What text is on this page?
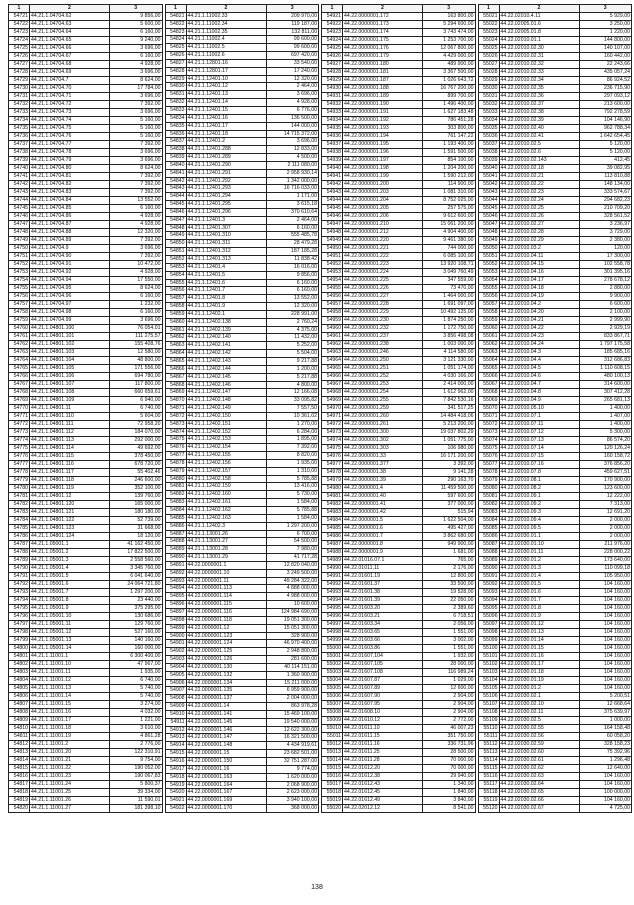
1	2	3
54721	44.21.1.04704.62	9 856,00
54722	44.21.1.04704.63	5 600,00
54723	44.21.1.04704.64	6 160,00
54724	44.21.1.04704.65	9 240,00
54725	44.21.1.04704.66	3 696,00
54726	44.21.1.04704.67	6 160,00
54727	44.21.1.04704.68	4 928,00
54728	44.21.1.04704.69	3 696,00
54729	44.21.1.04704.7	8 624,00
54730	44.21.1.04704.70	17 784,00
54731	44.21.1.04704.71	3 696,00
54732	44.21.1.04704.72	7 392,00
54733	44.21.1.04704.73	3 696,00
54734	44.21.1.04704.74	5 160,00
54735	44.21.1.04704.75	5 160,00
54736	44.21.1.04704.76	5 160,00
54737	44.21.1.04704.77	7 392,00
54738	44.21.1.04704.78	3 696,00
54739	44.21.1.04704.79	3 696,00
54740	44.21.1.04704.80	8 624,00
54741	44.21.1.04704.81	7 392,00
54742	44.21.1.04704.82	7 392,00
54743	44.21.1.04704.83	7 392,00
54744	44.21.1.04704.84	13 552,00
54745	44.21.1.04704.85	6 160,00
54746	44.21.1.04704.86	4 928,00
54747	44.21.1.04704.87	4 928,00
54748	44.21.1.04704.88	12 320,00
54749	44.21.1.04704.89	7 392,00
54750	44.21.1.04704.9	3 696,00
54751	44.21.1.04704.90	7 392,00
54752	44.21.1.04704.91	10 472,00
54753	44.21.1.04704.92	4 928,00
54754	44.21.1.04704.94	17 550,00
54755	44.21.1.04704.95	8 624,00
54756	44.21.1.04704.96	6 160,00
54757	44.21.1.04704.97	1 232,00
54758	44.21.1.04704.98	6 160,00
54759	44.21.1.04704.99	3 696,00
54760	44.21.1.04801.100	76 054,01
54761	44.21.1.04801.101	111 275,57
54762	44.21.1.04801.102	155 408,76
54763	44.21.1.04801.103	12 580,00
54764	44.21.1.04801.104	48 800,00
54765	44.21.1.04801.105	171 556,00
54766	44.21.1.04801.106	694 780,00
54767	44.21.1.04801.107	117 800,00
54768	44.21.1.04801.108	660 659,61
54769	44.21.1.04801.109	6 940,00
54770	44.21.1.04801.11	6 740,00
54771	44.21.1.04801.110	5 604,00
54772	44.21.1.04801.111	72 958,20
54773	44.21.1.04801.112	184 070,00
54774	44.21.1.04801.113	292 000,00
54775	44.21.1.04801.114	49 692,00
54776	44.21.1.04801.115	378 450,00
54777	44.21.1.04801.116	678 720,00
54778	44.21.1.04801.117	55 402,46
54779	44.21.1.04801.118	246 600,00
54780	44.21.1.04801.119	352 100,00
54781	44.21.1.04801.12	139 760,00
54782	44.21.1.04801.120	165 000,00
54783	44.21.1.04801.121	180 180,00
54784	44.21.1.04801.122	52 739,00
54785	44.21.1.04801.123	31 668,00
54786	44.21.1.04801.124	18 120,00
54787	44.21.1.05001.1	41 162 450,00
54788	44.21.1.05001.2	17 822 500,00
54789	44.21.1.05001.3	2 558 560,00
54790	44.21.1.05001.4	3 345 760,00
54791	44.21.1.05001.5	6 041 640,00
54792	44.21.1.05001.6	24 064 721,80
54793	44.21.1.05001.7	1 297 200,00
54794	44.21.1.05001.8	23 440,00
54795	44.21.1.05001.9	375 295,00
54796	44.21.1.05001.10	130 686,00
54797	44.21.1.05001.11	129 760,00
54798	44.21.1.05001.12	527 160,00
54799	44.21.1.05001.13	140 160,00
54800	44.21.1.05001.14	160 000,00
54801	44.21.1.11001.1	6 300 400,00
54802	44.21.1.11001.10	47 967,00
54803	44.21.1.11001.11	1 935,00
54804	44.21.1.11001.12	6 740,00
54805	44.21.1.11001.13	5 740,00
54806	44.21.1.11001.14	5 740,00
54807	44.21.1.11001.15	3 274,00
54808	44.21.1.11001.16	4 032,00
54809	44.21.1.11001.17	1 221,00
54810	44.21.1.11001.18	3 610,00
54811	44.21.1.11001.19	4 861,28
54812	44.21.1.11001.2	2 776,00
54813	44.21.1.11001.20	122 310,91
54814	44.21.1.11001.21	9 754,00
54815	44.21.1.11001.22	190 052,00
54816	44.21.1.11001.23	190 067,83
54817	44.21.1.11001.24	5 800,37
54818	44.21.1.11001.25	39 334,00
54819	44.21.1.11001.26	11 590,01
54820	44.21.1.11001.27	181 398,10
1	2	3
54821	44.21.1.11002.33	209 970,00
54822	44.21.1.11002.34	119 187,00
54823	44.21.1.11002.35	132 811,00
54824	44.21.1.11002.4	99 600,00
54825	44.21.1.11002.5	99 600,00
54826	44.21.1.11002.6	697 420,00
54827	44.21.1.12801.16	33 540,00
54828	44.21.1.12801.17	17 240,00
54829	44.21.1.12401.10	12 320,00
54830	44.21.1.12401.12	2 464,00
54831	44.21.1.12401.13	3 696,00
54832	44.21.1.12401.14	4 928,00
54833	44.21.1.12401.15	6 776,00
54834	44.21.1.12401.16	136 500,00
54835	44.21.1.12401.17	144 000,00
54836	44.21.1.12401.18	14 715 372,00
54837	44.21.1.12401.2	3 696,00
54838	44.21.1.12401.288	12 833,00
54839	44.21.1.12401.289	4 500,00
54840	44.21.1.12401.290	2 111 080,00
54841	44.21.1.12401.291	2 958 930,14
54842	44.21.1.12401.292	1 342 000,00
54843	44.21.1.12401.293	16 716 033,00
54844	44.21.1.12401.294	1 171,00
54845	44.21.1.12401.295	3 615,18
54846	44.21.1.12401.296	370 610,64
54847	44.21.1.12401.3	2 464,00
54848	44.21.1.12401.307	6 160,00
54849	44.21.1.12401.310	555 485,78
54850	44.21.1.12401.311	28 479,28
54851	44.21.1.12401.312	187 185,28
54852	44.21.1.12401.313	11 838,42
54853	44.21.1.12401.4	16 016,00
54854	44.21.1.12401.5	9 856,00
54855	44.21.1.12401.6	6 160,00
54856	44.21.1.12401.7	6 160,00
54857	44.21.1.12401.8	13 552,00
54858	44.21.1.12401.9	12 320,00
54859	44.21.1.12402.1	228 991,00
54860	44.21.1.12402.138	2 760,24
54861	44.21.1.12402.139	4 375,00
54862	44.21.1.12402.140	11 432,00
54863	44.21.1.12402.141	5 252,00
54864	44.21.1.12402.142	5 504,00
54865	44.21.1.12402.143	9 217,88
54866	44.21.1.12402.144	1 200,00
54867	44.21.1.12402.145	5 217,88
54868	44.21.1.12402.146	4 800,00
54869	44.21.1.12402.147	12 166,08
54870	44.21.1.12402.148	33 095,82
54871	44.21.1.12402.149	7 557,50
54872	44.21.1.12402.150	10 361,02
54873	44.21.1.12402.151	1 270,00
54874	44.21.1.12402.152	6 284,00
54875	44.21.1.12402.153	1 895,00
54876	44.21.1.12402.154	7 392,00
54877	44.21.1.12402.155	8 820,00
54878	44.21.1.12402.156	1 935,00
54879	44.21.1.12402.157	1 310,00
54880	44.21.1.12402.158	5 785,88
54881	44.21.1.12402.159	13 416,00
54882	44.21.1.12402.160	5 730,00
54883	44.21.1.12402.161	1 584,00
54884	44.21.1.12402.162	5 785,88
54885	44.21.1.12402.163	1 584,00
54886	44.21.1.12402.3	1 297 200,00
54887	44.21.1.13001.26	6 700,00
54888	44.21.1.13001.27	54 500,00
54889	44.21.1.13001.28	7 980,00
54890	44.21.1.13001.29	41 717,28
54891	44.22.0000001.1	12 820 040,00
54892	44.22.0000001.10	3 249 500,00
54893	44.22.0000001.11	49 284 322,00
54894	44.22.0000001.113	4 888 000,00
54895	44.22.0000001.114	4 988 000,00
54896	44.22.0000001.115	10 600,00
54897	44.22.0000001.116	124 984 690,00
54898	44.22.0000001.118	19 051 300,00
54899	44.22.0000001.12	15 051 300,00
54900	44.22.0000001.123	328 900,00
54901	44.22.0000001.124	46 970 400,00
54902	44.22.0000001.125	2 948 800,00
54903	44.22.0000001.126	281 600,00
54904	44.22.0000001.130	40 114 151,00
54905	44.22.0000001.132	1 360 900,00
54906	44.22.0000001.134	15 211 000,00
54907	44.22.0000001.135	6 959 900,00
54908	44.22.0000001.137	2 004 000,00
54909	44.22.0000001.14	863 978,28
54910	44.22.0000001.141	15 469 100,00
54911	44.22.0000001.145	19 540 000,00
54912	44.22.0000001.146	12 622 300,00
54913	44.22.0000001.147	16 321 500,00
54914	44.22.0000001.148	4 434 919,61
54915	44.22.0000001.15	23 682 501,00
54916	44.22.0000001.150	32 751 287,00
54917	44.22.0000001.16	9 774,00
54918	44.22.0000001.163	1 620 000,00
54919	44.22.0000001.164	2 068 900,00
54920	44.22.0000001.167	2 623 000,00
54921	44.22.0000001.169	3 940 100,00
54922	44.22.0000001.170	368 000,00
1	2	3
54921	44.22.0000001.172	163 800,00
54922	44.22.0000001.173	5 294 600,00
54923	44.22.0000001.174	3 743 474,00
54924	44.22.0000001.175	1 253 700,00
54925	44.22.0000001.176	12 067 800,00
54926	44.22.0000001.179	4 429 000,00
54927	44.22.0000001.180	489 900,00
54928	44.22.0000001.181	3 367 500,00
54929	44.22.0000001.187	1 026 643,72
54930	44.22.0000001.188	16 767 200,00
54931	44.22.0000001.189	899 700,00
54932	44.22.0000001.190	1 496 400,00
54933	44.22.0000001.191	1 627 183,48
54934	44.22.0000001.192	786 451,28
54935	44.22.0000001.193	303 800,00
54936	44.22.0000001.194	761 147,22
54937	44.22.0000001.195	1 193 400,00
54938	44.22.0000001.196	1 591 500,00
54939	44.22.0000001.197	854 100,00
54940	44.22.0000001.198	1 204 200,00
54941	44.22.0000001.199	1 590 212,00
54942	44.22.0000001.200	114 900,00
54943	44.22.0000001.203	1 081 310,00
54944	44.22.0000001.204	8 752 025,00
54945	44.22.0000001.205	257 575,00
54946	44.22.0000001.206	9 612 600,00
54947	44.22.0000001.210	15 061 200,00
54948	44.22.0000001.212	4 904 400,00
54949	44.22.0000001.220	9 461 380,00
54950	44.22.0000001.221	744 000,00
54951	44.22.0000001.222	6 085 100,00
54952	44.22.0000001.223	13 920 108,71
54953	44.22.0000001.224	3 049 760,49
54954	44.22.0000001.225	347 559,00
54955	44.22.0000001.226	73 470,00
54956	44.22.0000001.227	1 464 000,00
54957	44.22.0000001.228	1 691 097,00
54958	44.22.0000001.229	10 492 125,00
54959	44.22.0000001.230	1 874 250,00
54960	44.22.0000001.232	1 172 750,00
54961	44.22.0000001.237	3 856 498,08
54962	44.22.0000001.238	1 003 000,00
54963	44.22.0000001.246	4 114 580,00
54964	44.22.0000001.250	3 121 330,00
54965	44.22.0000001.251	1 051 174,00
54966	44.22.0000001.252	4 030 166,00
54967	44.22.0000001.253	2 414 000,00
54968	44.22.0000001.254	1 612 962,00
54969	44.22.0000001.255	7 842 530,16
54970	44.22.0000001.259	341 517,25
54971	44.22.0000001.260	14 484 418,06
54972	44.22.0000001.261	5 213 200,00
54973	44.22.0000001.300	19 037 802,29
54974	44.22.0000001.302	1 051 775,00
54975	44.22.0000001.303	106 980,00
54976	44.22.0000001.33	16 171 200,00
54977	44.22.0000001.377	3 392,00
54978	44.22.0000001.38	9 141,28
54979	44.22.0000001.39	290 163,70
54980	44.22.0000001.4	11 459 500,00
54981	44.22.0000001.40	597 600,00
54982	44.22.0000001.41	377 000,00
54983	44.22.0000001.42	515,94
54984	44.22.0000001.5	1 622 504,00
54985	44.22.0000001.6	495 427,00
54986	44.22.0000001.7	3 862 680,00
54987	44.22.0000001.8	949 900,00
54988	44.22.0000001.9	1 681,00
54989	44.22.01016.07.1	765,00
54990	44.22.01011.11	2 176,00
54991	44.22.01601.19	12 800,00
54992	44.22.01601.37	33 500,00
54993	44.22.01601.38	19 528,00
54994	44.22.01601.39	22 050,00
54995	44.22.01603.20	2 389,60
54996	44.22.01603.21	6 718,51
54997	44.22.01603.34	2 056,00
54998	44.22.01603.65	1 551,00
54999	44.22.01603.66	3 002,00
55000	44.22.01603.86	1 551,00
55001	44.22.01607.104	1 932,00
55002	44.22.01607.105	28 000,00
55003	44.22.01607.108	116 989,24
55004	44.22.01607.87	1 029,00
55005	44.22.01607.89	12 600,00
55006	44.22.01607.90	2 904,00
55007	44.22.01607.95	2 904,00
55008	44.22.01608.10	2 904,00
55009	44.22.01610.12	2 772,00
55010	44.22.01611.10	46 007,23
55011	44.22.01611.15	351 750,00
55012	44.22.01611.16	336 731,96
55013	44.22.01611.25	28 500,00
55014	44.22.01611.28	70 000,00
55015	44.22.01612.20	70 000,00
55016	44.22.01612.38	29 940,00
55017	44.22.01612.43	1 340,00
55018	44.22.01612.45	1 840,00
55019	44.22.01612.49	3 840,00
55020	44.22.02012.12	8 541,00
1	2	3
55021	44.22.02010.4.11	5 929,00
55022	44.22.02005.01.6	3 250,00
55023	44.22.02005.01.8	1 220,00
55024	44.22.02010.01.1	144 800,00
55025	44.22.02010.02.30	140 107,00
55026	44.22.02010.02.31	160 442,00
55027	44.22.02010.02.32	22 243,66
55028	44.22.02010.02.33	435 057,24
55029	44.22.02010.02.34	86 924,52
55030	44.22.02010.02.35	236 715,90
55031	44.22.02010.02.36	297 093,12
55032	44.22.02010.02.37	213 600,00
55033	44.22.02010.02.38	792 278,59
55034	44.22.02010.02.39	104 146,90
55035	44.22.02010.02.40	962 788,34
55036	44.22.02010.02.41	1 642 654,45
55037	44.22.02010.02.5	5 120,00
55038	44.22.02010.02.6	5 120,00
55039	44.22.02010.02.143	412,45
55040	44.22.02010.02.18	39 082,95
55041	44.22.02010.02.21	113 810,88
55042	44.22.02010.02.22	148 134,00
55043	44.22.02010.02.23	333 574,67
55044	44.22.02010.02.24	294 682,23
55045	44.22.02010.02.25	210 709,20
55046	44.22.02010.02.26	328 561,52
55047	44.22.02010.02.27	3 236,97
55048	44.22.02010.02.28	3 729,00
55049	44.22.02010.02.29	2 380,00
55050	44.22.02010.03.2	120,00
55051	44.22.02010.04.11	17 300,00
55052	44.22.02010.04.15	102 558,78
55053	44.22.02010.04.16	301 395,16
55054	44.22.02010.04.17	278 678,12
55055	44.22.02010.04.18	2 880,00
55056	44.22.02010.04.19	9 900,00
55057	44.22.02010.04.2	6 600,00
55058	44.22.02010.04.20	2 100,00
55059	44.22.02010.04.21	2 999,90
55060	44.22.02010.04.22	2 929,19
55061	44.22.02010.04.23	833 867,71
55062	44.22.02010.04.24	1 797 175,58
55063	44.22.02010.04.3	185 685,16
55064	44.22.02010.04.4	312 686,83
55065	44.22.02010.04.5	1 110 608,15
55066	44.22.02010.04.6	480 100,13
55067	44.22.02010.04.7	314 600,00
55068	44.22.02010.04.8	307 412,28
55069	44.22.02010.04.9	265 681,13
55070	44.22.02010.05.10	1 400,00
55071	44.22.02010.07.1	1 407,00
55072	44.22.02010.07.11	1 400,00
55073	44.22.02010.07.12	5 300,00
55074	44.22.02010.07.13	86 574,20
55075	44.22.02010.07.14	120 126,24
55076	44.22.02010.07.15	160 158,72
55077	44.22.02010.07.16	376 856,20
55078	44.22.02010.07.8	459 627,51
55079	44.22.02010.08.1	170 900,00
55080	44.22.02010.08.2	123 600,00
55081	44.22.02010.09.1	12 222,00
55082	44.22.02010.09.2	7 313,00
55083	44.22.02010.09.3	12 691,20
55084	44.22.02010.09.4	2 000,00
55085	44.22.02010.09.5	2 000,00
55086	44.22.02030.01.1	2 000,00
55087	44.22.02030.01.10	211 976,00
55088	44.22.02030.01.11	228 000,22
55089	44.22.02030.01.2	173 640,00
55090	44.22.02030.01.3	110 099,18
55091	44.22.02030.01.4	105 950,00
55092	44.22.02030.01.5	104 160,00
55093	44.22.02030.01.6	104 160,00
55094	44.22.02030.01.7	104 160,00
55095	44.22.02030.01.8	104 160,00
55096	44.22.02030.01.9	104 160,00
55097	44.22.02030.01.12	104 160,00
55098	44.22.02030.01.13	104 160,00
55099	44.22.02030.01.14	104 160,00
55100	44.22.02030.01.15	104 160,00
55101	44.22.02030.01.16	104 160,00
55102	44.22.02030.01.17	104 160,00
55103	44.22.02030.01.18	104 160,00
55104	44.22.02030.01.19	104 160,00
55105	44.22.02030.01.2	104 160,00
55106	44.22.02030.02.1	5 200,51
55107	44.22.02030.02.10	12 668,64
55108	44.22.02030.02.11	375 639,97
55109	44.22.02030.02.5	1 000,00
55110	44.22.02030.02.55	164 158,48
55111	44.22.02030.02.56	60 058,20
55112	44.22.02030.02.59	328 158,23
55113	44.22.02030.02.60	75 392,96
55114	44.22.02030.02.61	1 296,48
55115	44.22.02030.02.62	12 640,00
55116	44.22.02030.02.63	104 160,00
55117	44.22.02030.02.64	104 160,00
55118	44.22.02030.02.65	100 000,00
55119	44.22.02030.02.66	104 160,00
55120	44.22.02030.02.67	4 725,00
138
